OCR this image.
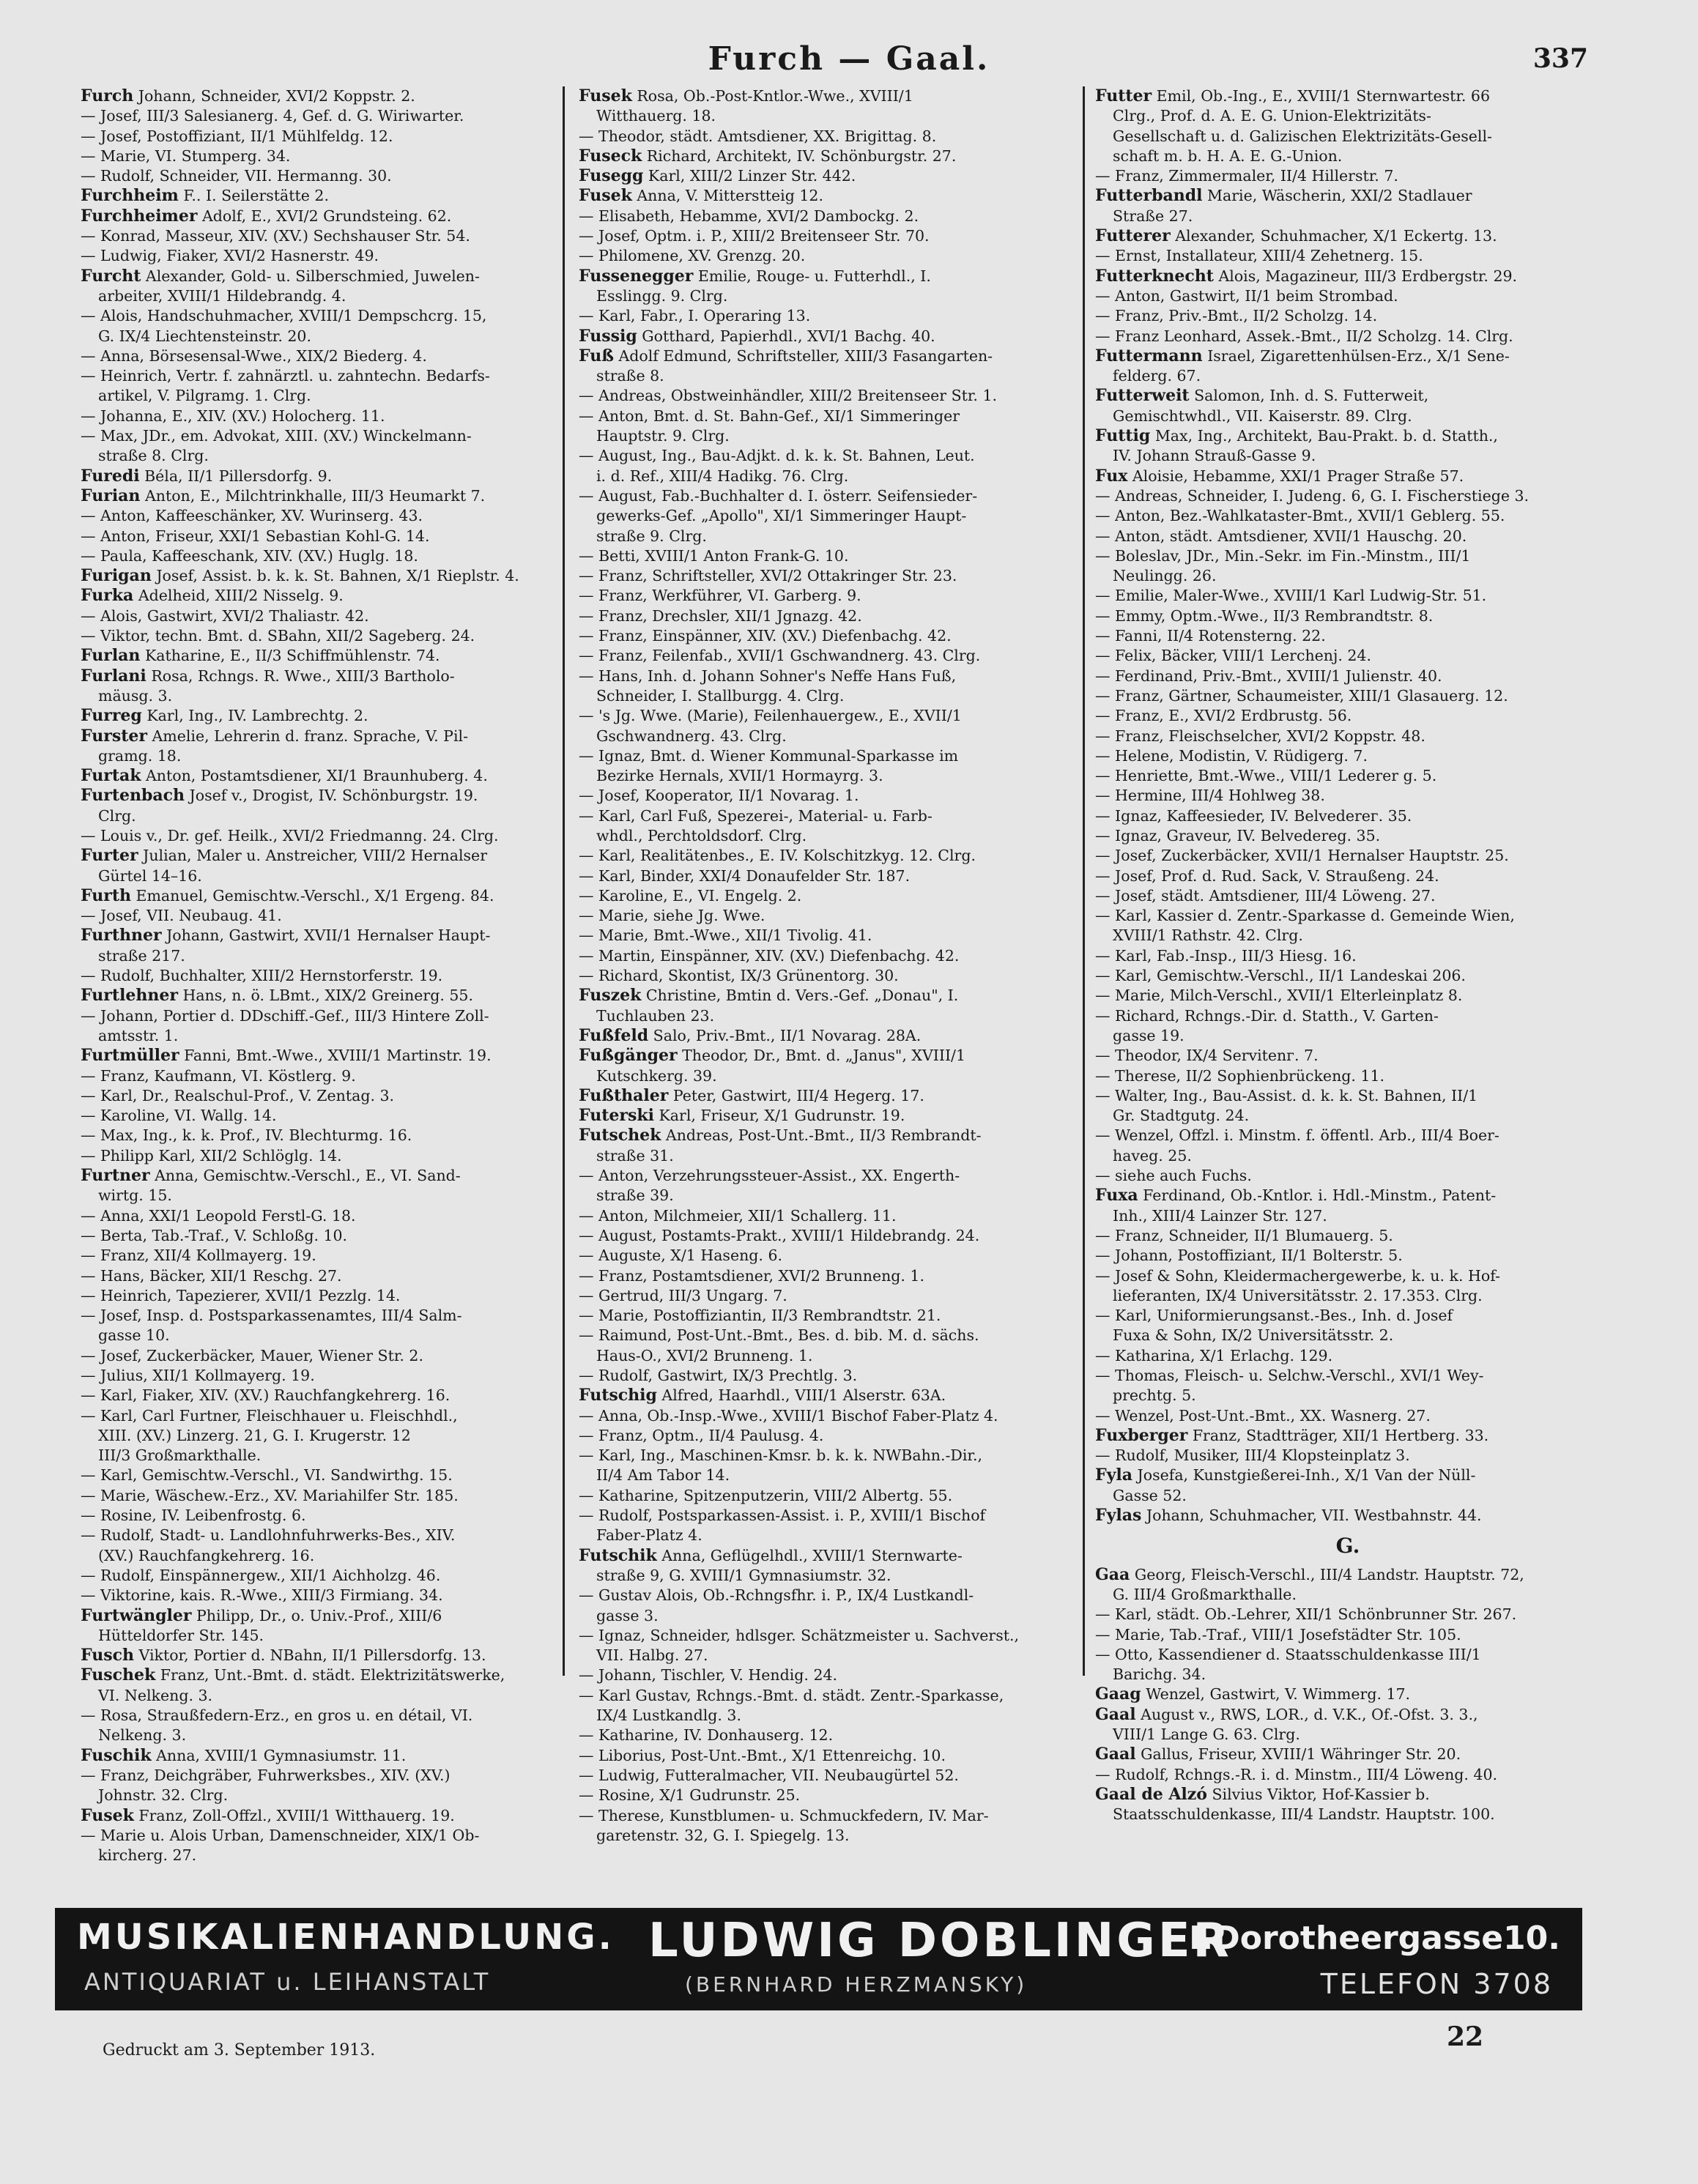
Furch — Gaal.	337
Furch Johann, Schneider, XVI/2 Koppstr. 2.
— Josef, III/3 Salesianerg. 4, Gef. d. G. Wiriwarter.
— Josef, Postoffiziant, II/1 Mühlfeldg. 12.
— Marie, VI. Stumperg. 34.
— Rudolf, Schneider, VII. Hermanng. 30.
Furchheim F.. I. Seilerstätte 2.
Furchheimer Adolf, E., XVI/2 Grundsteing. 62.
— Konrad, Masseur, XIV. (XV.) Sechshauser Str. 54.
— Ludwig, Fiaker, XVI/2 Hasnerstr. 49.
Furcht Alexander, Gold- u. Silberschmied, Juwelen-
arbeiter, XVIII/1 Hildebrandg. 4.
— Alois, Handschuhmacher, XVIII/1 Dempschcrg. 15,
G. IX/4 Liechtensteinstr. 20.
— Anna, Börsesensal-Wwe., XIX/2 Biederg. 4.
— Heinrich, Vertr. f. zahnärztl. u. zahntechn. Bedarfs-
artikel, V. Pilgramg. 1. Clrg.
— Johanna, E., XIV. (XV.) Holocherg. 11.
— Max, JDr., em. Advokat, XIII. (XV.) Winckelmann-
straße 8. Clrg.
Furedi Béla, II/1 Pillersdorfg. 9.
Furian Anton, E., Milchtrinkhalle, III/3 Heumarkt 7.
— Anton, Kaffeeschänker, XV. Wurinserg. 43.
— Anton, Friseur, XXI/1 Sebastian Kohl-G. 14.
— Paula, Kaffeeschank, XIV. (XV.) Huglg. 18.
Furigan Josef, Assist. b. k. k. St. Bahnen, X/1 Rieplstr. 4.
Furka Adelheid, XIII/2 Nisselg. 9.
— Alois, Gastwirt, XVI/2 Thaliastr. 42.
— Viktor, techn. Bmt. d. SBahn, XII/2 Sageberg. 24.
Furlan Katharine, E., II/3 Schiffmühlenstr. 74.
Furlani Rosa, Rchngs. R. Wwe., XIII/3 Bartholo-
mäusg. 3.
Furreg Karl, Ing., IV. Lambrechtg. 2.
Furster Amelie, Lehrerin d. franz. Sprache, V. Pil-
gramg. 18.
Furtak Anton, Postamtsdiener, XI/1 Braunhuberg. 4.
Furtenbach Josef v., Drogist, IV. Schönburgstr. 19.
Clrg.
— Louis v., Dr. gef. Heilk., XVI/2 Friedmanng. 24. Clrg.
Furter Julian, Maler u. Anstreicher, VIII/2 Hernalser
Gürtel 14–16.
Furth Emanuel, Gemischtw.-Verschl., X/1 Ergeng. 84.
— Josef, VII. Neubaug. 41.
Furthner Johann, Gastwirt, XVII/1 Hernalser Haupt-
straße 217.
— Rudolf, Buchhalter, XIII/2 Hernstorferstr. 19.
Furtlehner Hans, n. ö. LBmt., XIX/2 Greinerg. 55.
— Johann, Portier d. DDschiff.-Gef., III/3 Hintere Zoll-
amtsstr. 1.
Furtmüller Fanni, Bmt.-Wwe., XVIII/1 Martinstr. 19.
— Franz, Kaufmann, VI. Köstlerg. 9.
— Karl, Dr., Realschul-Prof., V. Zentag. 3.
— Karoline, VI. Wallg. 14.
— Max, Ing., k. k. Prof., IV. Blechturmg. 16.
— Philipp Karl, XII/2 Schlöglg. 14.
Furtner Anna, Gemischtw.-Verschl., E., VI. Sand-
wirtg. 15.
— Anna, XXI/1 Leopold Ferstl-G. 18.
— Berta, Tab.-Traf., V. Schloßg. 10.
— Franz, XII/4 Kollmayerg. 19.
— Hans, Bäcker, XII/1 Reschg. 27.
— Heinrich, Tapezierer, XVII/1 Pezzlg. 14.
— Josef, Insp. d. Postsparkassenamtes, III/4 Salm-
gasse 10.
— Josef, Zuckerbäcker, Mauer, Wiener Str. 2.
— Julius, XII/1 Kollmayerg. 19.
— Karl, Fiaker, XIV. (XV.) Rauchfangkehrerg. 16.
— Karl, Carl Furtner, Fleischhauer u. Fleischhdl.,
XIII. (XV.) Linzerg. 21, G. I. Krugerstr. 12
III/3 Großmarkthalle.
— Karl, Gemischtw.-Verschl., VI. Sandwirthg. 15.
— Marie, Wäschew.-Erz., XV. Mariahilfer Str. 185.
— Rosine, IV. Leibenfrostg. 6.
— Rudolf, Stadt- u. Landlohnfuhrwerks-Bes., XIV.
(XV.) Rauchfangkehrerg. 16.
— Rudolf, Einspännergew., XII/1 Aichholzg. 46.
— Viktorine, kais. R.-Wwe., XIII/3 Firmiang. 34.
Furtwängler Philipp, Dr., o. Univ.-Prof., XIII/6
Hütteldorfer Str. 145.
Fusch Viktor, Portier d. NBahn, II/1 Pillersdorfg. 13.
Fuschek Franz, Unt.-Bmt. d. städt. Elektrizitätswerke,
VI. Nelkeng. 3.
— Rosa, Straußfedern-Erz., en gros u. en détail, VI.
Nelkeng. 3.
Fuschik Anna, XVIII/1 Gymnasiumstr. 11.
— Franz, Deichgräber, Fuhrwerksbes., XIV. (XV.)
Johnstr. 32. Clrg.
Fusek Franz, Zoll-Offzl., XVIII/1 Witthauerg. 19.
— Marie u. Alois Urban, Damenschneider, XIX/1 Ob-
kircherg. 27.
Fusek Rosa, Ob.-Post-Kntlor.-Wwe., XVIII/1
Witthauerg. 18.
— Theodor, städt. Amtsdiener, XX. Brigittag. 8.
Fuseck Richard, Architekt, IV. Schönburgstr. 27.
Fusegg Karl, XIII/2 Linzer Str. 442.
Fusek Anna, V. Mitterstteig 12.
— Elisabeth, Hebamme, XVI/2 Dambockg. 2.
— Josef, Optm. i. P., XIII/2 Breitenseer Str. 70.
— Philomene, XV. Grenzg. 20.
Fussenegger Emilie, Rouge- u. Futterhdl., I.
Esslingg. 9. Clrg.
— Karl, Fabr., I. Operaring 13.
Fussig Gotthard, Papierhdl., XVI/1 Bachg. 40.
Fuß Adolf Edmund, Schriftsteller, XIII/3 Fasangarten-
straße 8.
— Andreas, Obstweinhändler, XIII/2 Breitenseer Str. 1.
— Anton, Bmt. d. St. Bahn-Gef., XI/1 Simmeringer
Hauptstr. 9. Clrg.
— August, Ing., Bau-Adjkt. d. k. k. St. Bahnen, Leut.
i. d. Ref., XIII/4 Hadikg. 76. Clrg.
— August, Fab.-Buchhalter d. I. österr. Seifensieder-
gewerks-Gef. „Apollo", XI/1 Simmeringer Haupt-
straße 9. Clrg.
— Betti, XVIII/1 Anton Frank-G. 10.
— Franz, Schriftsteller, XVI/2 Ottakringer Str. 23.
— Franz, Werkführer, VI. Garberg. 9.
— Franz, Drechsler, XII/1 Jgnazg. 42.
— Franz, Einspänner, XIV. (XV.) Diefenbachg. 42.
— Franz, Feilenfab., XVII/1 Gschwandnerg. 43. Clrg.
— Hans, Inh. d. Johann Sohner's Neffe Hans Fuß,
Schneider, I. Stallburgg. 4. Clrg.
— 's Jg. Wwe. (Marie), Feilenhauergew., E., XVII/1
Gschwandnerg. 43. Clrg.
— Ignaz, Bmt. d. Wiener Kommunal-Sparkasse im
Bezirke Hernals, XVII/1 Hormayrg. 3.
— Josef, Kooperator, II/1 Novarag. 1.
— Karl, Carl Fuß, Spezerei-, Material- u. Farb-
whdl., Perchtoldsdorf. Clrg.
— Karl, Realitätenbes., E. IV. Kolschitzkyg. 12. Clrg.
— Karl, Binder, XXI/4 Donaufelder Str. 187.
— Karoline, E., VI. Engelg. 2.
— Marie, siehe Jg. Wwe.
— Marie, Bmt.-Wwe., XII/1 Tivolig. 41.
— Martin, Einspänner, XIV. (XV.) Diefenbachg. 42.
— Richard, Skontist, IX/3 Grünentorg. 30.
Fuszek Christine, Bmtin d. Vers.-Gef. „Donau", I.
Tuchlauben 23.
Fußfeld Salo, Priv.-Bmt., II/1 Novarag. 28A.
Fußgänger Theodor, Dr., Bmt. d. „Janus", XVIII/1
Kutschkerg. 39.
Fußthaler Peter, Gastwirt, III/4 Hegerg. 17.
Futerski Karl, Friseur, X/1 Gudrunstr. 19.
Futschek Andreas, Post-Unt.-Bmt., II/3 Rembrandt-
straße 31.
— Anton, Verzehrungssteuer-Assist., XX. Engerth-
straße 39.
— Anton, Milchmeier, XII/1 Schallerg. 11.
— August, Postamts-Prakt., XVIII/1 Hildebrandg. 24.
— Auguste, X/1 Haseng. 6.
— Franz, Postamtsdiener, XVI/2 Brunneng. 1.
— Gertrud, III/3 Ungarg. 7.
— Marie, Postoffiziantin, II/3 Rembrandtstr. 21.
— Raimund, Post-Unt.-Bmt., Bes. d. bib. M. d. sächs.
Haus-O., XVI/2 Brunneng. 1.
— Rudolf, Gastwirt, IX/3 Prechtlg. 3.
Futschig Alfred, Haarhdl., VIII/1 Alserstr. 63A.
— Anna, Ob.-Insp.-Wwe., XVIII/1 Bischof Faber-Platz 4.
— Franz, Optm., II/4 Paulusg. 4.
— Karl, Ing., Maschinen-Kmsr. b. k. k. NWBahn.-Dir.,
II/4 Am Tabor 14.
— Katharine, Spitzenputzerin, VIII/2 Albertg. 55.
— Rudolf, Postsparkassen-Assist. i. P., XVIII/1 Bischof
Faber-Platz 4.
Futschik Anna, Geflügelhdl., XVIII/1 Sternwarte-
straße 9, G. XVIII/1 Gymnasiumstr. 32.
— Gustav Alois, Ob.-Rchngsfhr. i. P., IX/4 Lustkandl-
gasse 3.
— Ignaz, Schneider, hdlsger. Schätzmeister u. Sachverst.,
VII. Halbg. 27.
— Johann, Tischler, V. Hendig. 24.
— Karl Gustav, Rchngs.-Bmt. d. städt. Zentr.-Sparkasse,
IX/4 Lustkandlg. 3.
— Katharine, IV. Donhauserg. 12.
— Liborius, Post-Unt.-Bmt., X/1 Ettenreichg. 10.
— Ludwig, Futteralmacher, VII. Neubaugürtel 52.
— Rosine, X/1 Gudrunstr. 25.
— Therese, Kunstblumen- u. Schmuckfedern, IV. Mar-
garetenstr. 32, G. I. Spiegelg. 13.
Futter Emil, Ob.-Ing., E., XVIII/1 Sternwartestr. 66
Clrg., Prof. d. A. E. G. Union-Elektrizitäts-
Gesellschaft u. d. Galizischen Elektrizitäts-Gesell-
schaft m. b. H. A. E. G.-Union.
— Franz, Zimmermaler, II/4 Hillerstr. 7.
Futterbandl Marie, Wäscherin, XXI/2 Stadlauer
Straße 27.
Futterer Alexander, Schuhmacher, X/1 Eckertg. 13.
— Ernst, Installateur, XIII/4 Zehetnerg. 15.
Futterknecht Alois, Magazineur, III/3 Erdbergstr. 29.
— Anton, Gastwirt, II/1 beim Strombad.
— Franz, Priv.-Bmt., II/2 Scholzg. 14.
— Franz Leonhard, Assek.-Bmt., II/2 Scholzg. 14. Clrg.
Futtermann Israel, Zigarettenhülsen-Erz., X/1 Sene-
felderg. 67.
Futterweit Salomon, Inh. d. S. Futterweit,
Gemischtwhdl., VII. Kaiserstr. 89. Clrg.
Futtig Max, Ing., Architekt, Bau-Prakt. b. d. Statth.,
IV. Johann Strauß-Gasse 9.
Fux Aloisie, Hebamme, XXI/1 Prager Straße 57.
— Andreas, Schneider, I. Judeng. 6, G. I. Fischerstiege 3.
— Anton, Bez.-Wahlkataster-Bmt., XVII/1 Geblerg. 55.
— Anton, städt. Amtsdiener, XVII/1 Hauschg. 20.
— Boleslav, JDr., Min.-Sekr. im Fin.-Minstm., III/1
Neulingg. 26.
— Emilie, Maler-Wwe., XVIII/1 Karl Ludwig-Str. 51.
— Emmy, Optm.-Wwe., II/3 Rembrandtstr. 8.
— Fanni, II/4 Rotensterng. 22.
— Felix, Bäcker, VIII/1 Lerchenj. 24.
— Ferdinand, Priv.-Bmt., XVIII/1 Julienstr. 40.
— Franz, Gärtner, Schaumeister, XIII/1 Glasauerg. 12.
— Franz, E., XVI/2 Erdbrustg. 56.
— Franz, Fleischselcher, XVI/2 Koppstr. 48.
— Helene, Modistin, V. Rüdigerg. 7.
— Henriette, Bmt.-Wwe., VIII/1 Lederer g. 5.
— Hermine, III/4 Hohlweg 38.
— Ignaz, Kaffeesieder, IV. Belvederег. 35.
— Ignaz, Graveur, IV. Belvedereg. 35.
— Josef, Zuckerbäcker, XVII/1 Hernalser Hauptstr. 25.
— Josef, Prof. d. Rud. Sack, V. Straußeng. 24.
— Josef, städt. Amtsdiener, III/4 Löweng. 27.
— Karl, Kassier d. Zentr.-Sparkasse d. Gemeinde Wien,
XVIII/1 Rathstr. 42. Clrg.
— Karl, Fab.-Insp., III/3 Hiesg. 16.
— Karl, Gemischtw.-Verschl., II/1 Landeskai 206.
— Marie, Milch-Verschl., XVII/1 Elterleinplatz 8.
— Richard, Rchngs.-Dir. d. Statth., V. Garten-
gasse 19.
— Theodor, IX/4 Servitenг. 7.
— Therese, II/2 Sophienbrückeng. 11.
— Walter, Ing., Bau-Assist. d. k. k. St. Bahnen, II/1
Gr. Stadtgutg. 24.
— Wenzel, Offzl. i. Minstm. f. öffentl. Arb., III/4 Boer-
haveg. 25.
— siehe auch Fuchs.
Fuxa Ferdinand, Ob.-Kntlor. i. Hdl.-Minstm., Patent-
Inh., XIII/4 Lainzer Str. 127.
— Franz, Schneider, II/1 Blumauerg. 5.
— Johann, Postoffiziant, II/1 Bolterstr. 5.
— Josef & Sohn, Kleidermachergewerbe, k. u. k. Hof-
lieferanten, IX/4 Universitätsstr. 2. 17.353. Clrg.
— Karl, Uniformierungsanst.-Bes., Inh. d. Josef
Fuxa & Sohn, IX/2 Universitätsstr. 2.
— Katharina, X/1 Erlachg. 129.
— Thomas, Fleisch- u. Selchw.-Verschl., XVI/1 Wey-
prechtg. 5.
— Wenzel, Post-Unt.-Bmt., XX. Wasnerg. 27.
Fuxberger Franz, Stadtträger, XII/1 Hertberg. 33.
— Rudolf, Musiker, III/4 Klopsteinplatz 3.
Fyla Josefa, Kunstgießerei-Inh., X/1 Van der Nüll-
Gasse 52.
Fylas Johann, Schuhmacher, VII. Westbahnstr. 44.
G.
Gaa Georg, Fleisch-Verschl., III/4 Landstr. Hauptstr. 72,
G. III/4 Großmarkthalle.
— Karl, städt. Ob.-Lehrer, XII/1 Schönbrunner Str. 267.
— Marie, Tab.-Traf., VIII/1 Josefstädter Str. 105.
— Otto, Kassendiener d. Staatsschuldenkasse III/1
Barichg. 34.
Gaag Wenzel, Gastwirt, V. Wimmerg. 17.
Gaal August v., RWS, LOR., d. V.K., Of.-Ofst. 3. 3.,
VIII/1 Lange G. 63. Clrg.
Gaal Gallus, Friseur, XVIII/1 Währinger Str. 20.
— Rudolf, Rchngs.-R. i. d. Minstm., III/4 Löweng. 40.
Gaal de Alzó Silvius Viktor, Hof-Kassier b.
Staatsschuldenkasse, III/4 Landstr. Hauptstr. 100.
MUSIKALIENHANDLUNG. LUDWIG DOBLINGER
I.Dorotheergasse10.
ANTIQUARIAT u. LEIHANSTALT	(BERNHARD HERZMANSKY)	TELEFON 3708
Gedruckt am 3. September 1913.	22
